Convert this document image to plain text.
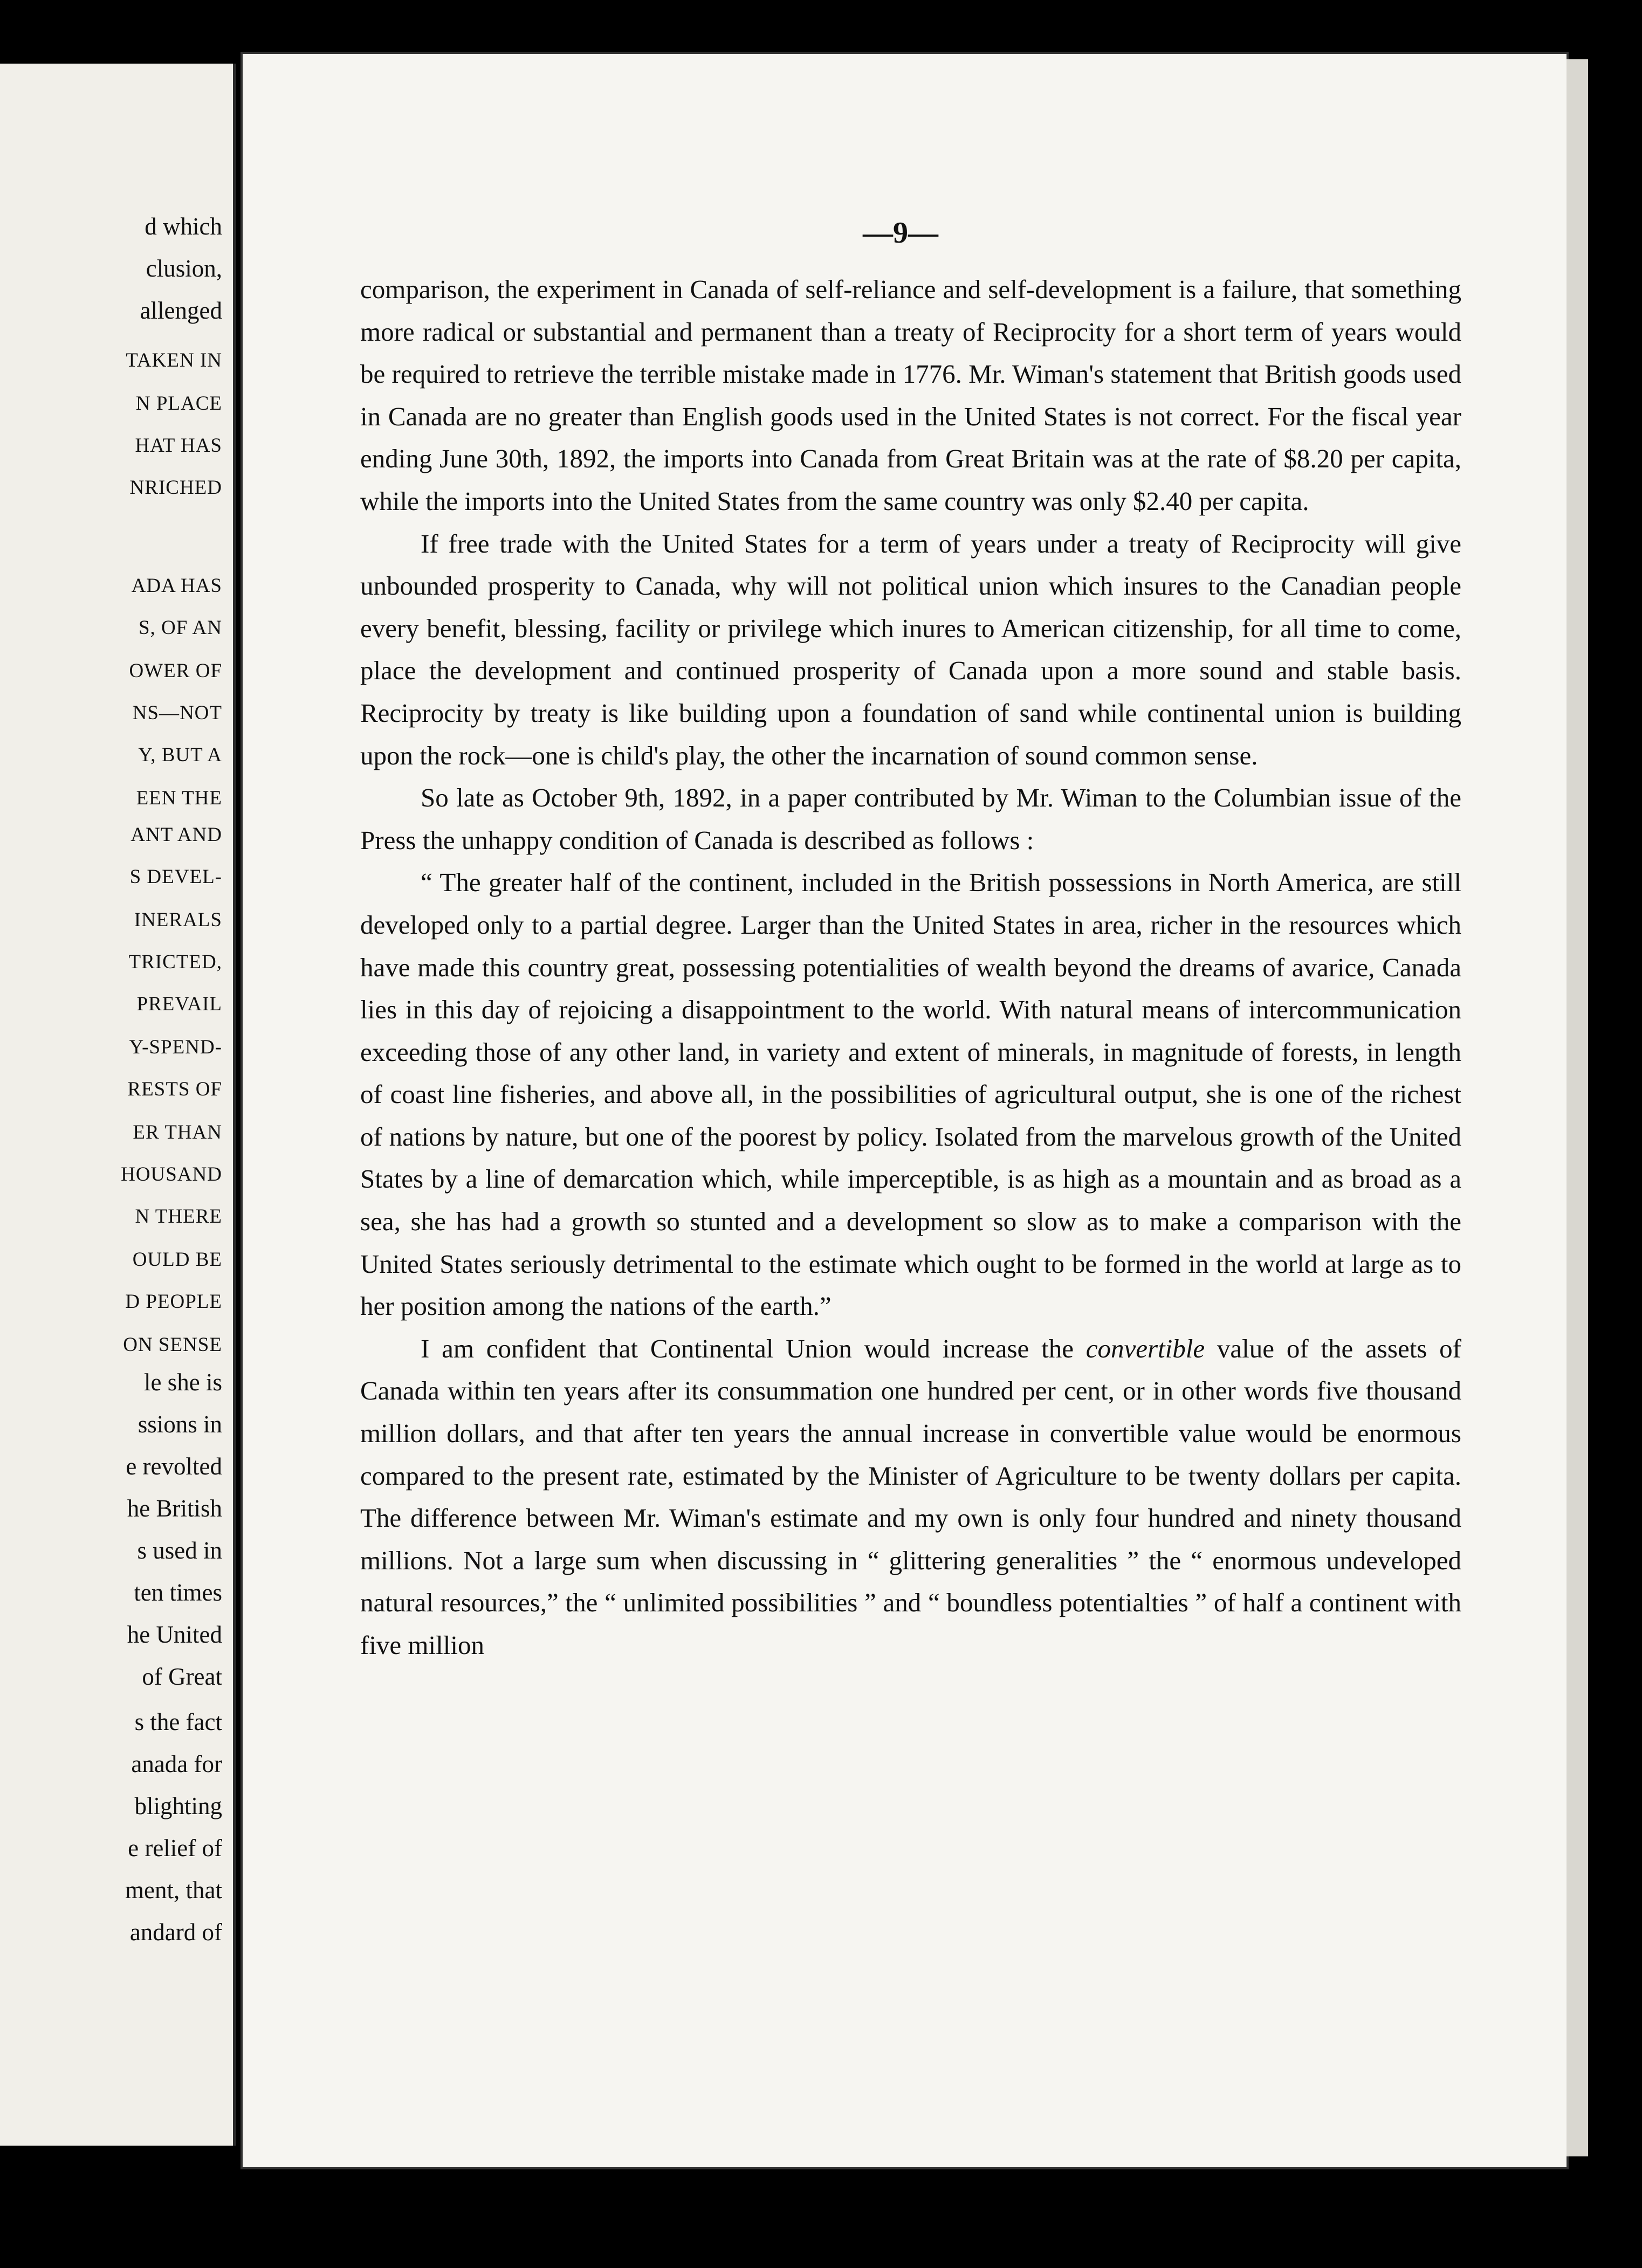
d which
clusion,
allenged
TAKEN IN
N PLACE
HAT HAS
NRICHED
ADA HAS
S, OF AN
OWER OF
NS—NOT
Y, BUT A
EEN THE
ANT AND
S DEVEL-
INERALS
TRICTED,
PREVAIL
Y-SPEND-
RESTS OF
ER THAN
HOUSAND
N THERE
OULD BE
D PEOPLE
ON SENSE
le she is
ssions in
e revolted
he British
s used in
ten times
he United
of Great
s the fact
anada for
blighting
e relief of
ment, that
andard of
—9—

comparison, the experiment in Canada of self-reliance and self-development is a failure, that something more radical or substantial and permanent than a treaty of Reciprocity for a short term of years would be required to retrieve the terrible mistake made in 1776. Mr. Wiman's statement that British goods used in Canada are no greater than English goods used in the United States is not correct. For the fiscal year ending June 30th, 1892, the imports into Canada from Great Britain was at the rate of $8.20 per capita, while the imports into the United States from the same country was only $2.40 per capita.

If free trade with the United States for a term of years under a treaty of Reciprocity will give unbounded prosperity to Canada, why will not political union which insures to the Canadian people every benefit, blessing, facility or privilege which inures to American citizenship, for all time to come, place the development and continued prosperity of Canada upon a more sound and stable basis. Reciprocity by treaty is like building upon a foundation of sand while continental union is building upon the rock—one is child's play, the other the incarnation of sound common sense.

So late as October 9th, 1892, in a paper contributed by Mr. Wiman to the Columbian issue of the Press the unhappy condition of Canada is described as follows :

“ The greater half of the continent, included in the British possessions in North America, are still developed only to a partial degree. Larger than the United States in area, richer in the resources which have made this country great, possessing potentialities of wealth beyond the dreams of avarice, Canada lies in this day of rejoicing a disappointment to the world. With natural means of intercommunication exceeding those of any other land, in variety and extent of minerals, in magnitude of forests, in length of coast line fisheries, and above all, in the possibilities of agricultural output, she is one of the richest of nations by nature, but one of the poorest by policy. Isolated from the marvelous growth of the United States by a line of demarcation which, while imperceptible, is as high as a mountain and as broad as a sea, she has had a growth so stunted and a development so slow as to make a comparison with the United States seriously detrimental to the estimate which ought to be formed in the world at large as to her position among the nations of the earth.”

I am confident that Continental Union would increase the convertible value of the assets of Canada within ten years after its consummation one hundred per cent, or in other words five thousand million dollars, and that after ten years the annual increase in convertible value would be enormous compared to the present rate, estimated by the Minister of Agriculture to be twenty dollars per capita. The difference between Mr. Wiman's estimate and my own is only four hundred and ninety thousand millions. Not a large sum when discussing in “ glittering generalities ” the “ enormous undeveloped natural resources,” the “ unlimited possibilities ” and “ boundless potentialties ” of half a continent with five million
